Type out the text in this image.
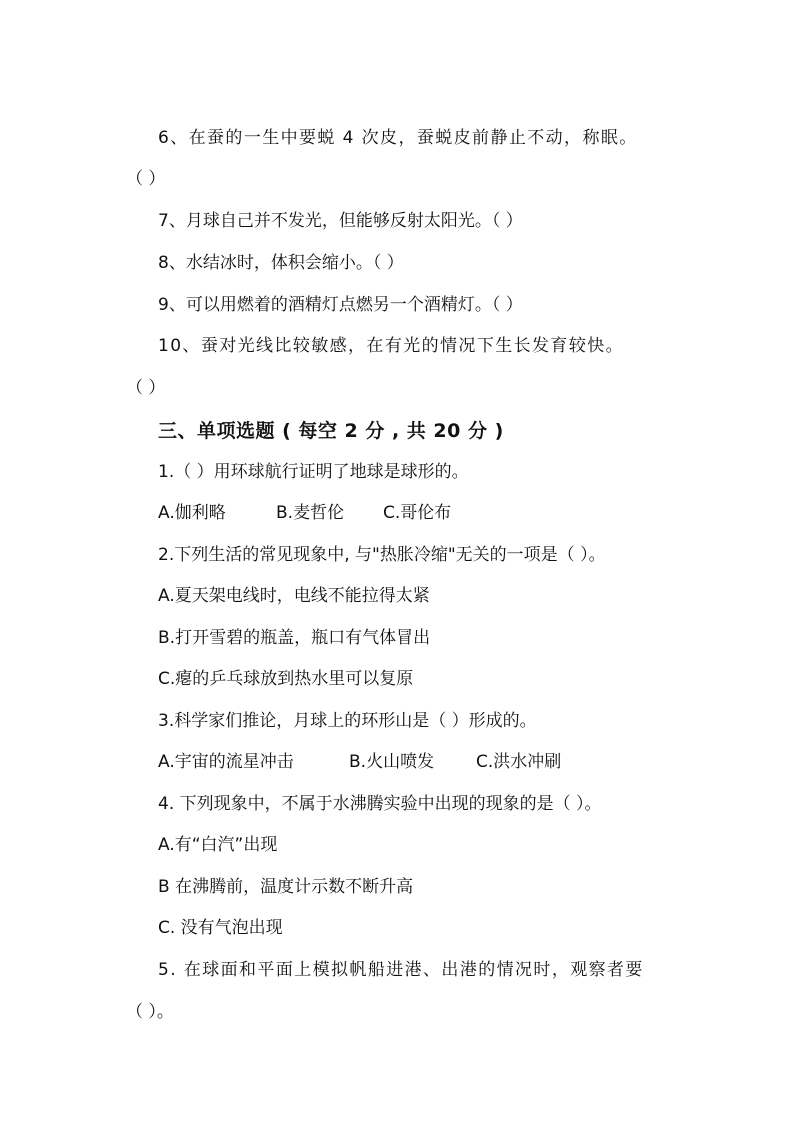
6、在蚕的一生中要蜕 4 次皮，蚕蜕皮前静止不动，称眠。
（ ）
7、月球自己并不发光，但能够反射太阳光。（ ）
8、水结冰时，体积会缩小。（ ）
9、可以用燃着的酒精灯点燃另一个酒精灯。（ ）
10、蚕对光线比较敏感，在有光的情况下生长发育较快。
（ ）
三、单项选题 ( 每空 2 分 , 共 20 分 )
1.（ ）用环球航行证明了地球是球形的。
A.伽利略	B.麦哲伦 C.哥伦布
2.下列生活的常见现象中, 与"热胀冷缩"无关的一项是（ ）。
A.夏天架电线时，电线不能拉得太紧
B.打开雪碧的瓶盖，瓶口有气体冒出
C.瘪的乒乓球放到热水里可以复原
3.科学家们推论，月球上的环形山是（ ）形成的。
A.宇宙的流星冲击	B.火山喷发 C.洪水冲刷
4. 下列现象中，不属于水沸腾实验中出现的现象的是（ ）。
A.有“白汽”出现
B 在沸腾前，温度计示数不断升高
C. 没有气泡出现
5. 在球面和平面上模拟帆船进港、出港的情况时，观察者要
（ ）。
